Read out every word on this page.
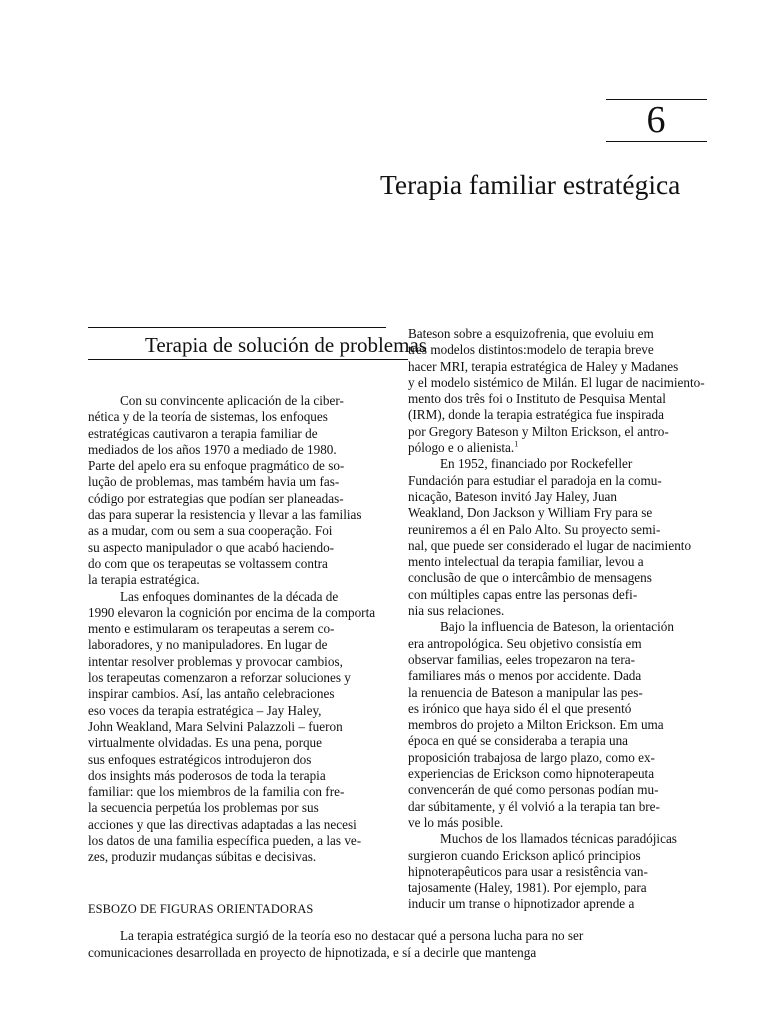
6
Terapia familiar estratégica
Terapia de solución de problemas
Con su convincente aplicación de la ciber-
nética y de la teoría de sistemas, los enfoques
estratégicas cautivaron a terapia familiar de
mediados de los años 1970 a mediado de 1980.
Parte del apelo era su enfoque pragmático de so-
lução de problemas, mas também havia um fas-
código por estrategias que podían ser planeadas-
das para superar la resistencia y llevar a las familias
as a mudar, com ou sem a sua cooperação. Foi
su aspecto manipulador o que acabó haciendo-
do com que os terapeutas se voltassem contra
la terapia estratégica.
Las enfoques dominantes de la década de
1990 elevaron la cognición por encima de la comporta
mento e estimularam os terapeutas a serem co-
laboradores, y no manipuladores. En lugar de
intentar resolver problemas y provocar cambios,
los terapeutas comenzaron a reforzar soluciones y
inspirar cambios. Así, las antaño celebraciones
eso voces da terapia estratégica – Jay Haley,
John Weakland, Mara Selvini Palazzoli – fueron
virtualmente olvidadas. Es una pena, porque
sus enfoques estratégicos introdujeron dos
dos insights más poderosos de toda la terapia
familiar: que los miembros de la familia con fre-
la secuencia perpetúa los problemas por sus
acciones y que las directivas adaptadas a las necesi
los datos de una familia específica pueden, a las ve-
zes, produzir mudanças súbitas e decisivas.
Bateson sobre a esquizofrenia, que evoluiu em
tres modelos distintos:modelo de terapia breve
hacer MRI, terapia estratégica de Haley y Madanes
y el modelo sistémico de Milán. El lugar de nacimiento-
mento dos três foi o Instituto de Pesquisa Mental
(IRM), donde la terapia estratégica fue inspirada
por Gregory Bateson y Milton Erickson, el antro-
pólogo e o alienista.$^1$
En 1952, financiado por Rockefeller
Fundación para estudiar el paradoja en la comu-
nicação, Bateson invitó Jay Haley, Juan
Weakland, Don Jackson y William Fry para se
reuniremos a él en Palo Alto. Su proyecto semi-
nal, que puede ser considerado el lugar de nacimiento
mento intelectual da terapia familiar, levou a
conclusão de que o intercâmbio de mensagens
con múltiples capas entre las personas defi-
nia sus relaciones.
Bajo la influencia de Bateson, la orientación
era antropológica. Seu objetivo consistía em
observar familias, eeles tropezaron na tera-
familiares más o menos por accidente. Dada
la renuencia de Bateson a manipular las pes-
es irónico que haya sido él el que presentó
membros do projeto a Milton Erickson. Em uma
época en qué se consideraba a terapia una
proposición trabajosa de largo plazo, como ex-
experiencias de Erickson como hipnoterapeuta
convencerán de qué como personas podían mu-
dar súbitamente, y él volvió a la terapia tan bre-
ve lo más posible.
Muchos de los llamados técnicas paradójicas
surgieron cuando Erickson aplicó principios
hipnoterapêuticos para usar a resistência van-
tajosamente (Haley, 1981). Por ejemplo, para
inducir um transe o hipnotizador aprende a
ESBOZO DE FIGURAS ORIENTADORAS
La terapia estratégica surgió de la teoría eso no destacar qué a persona lucha para no ser
comunicaciones desarrollada en proyecto de hipnotizada, e sí a decirle que mantenga
